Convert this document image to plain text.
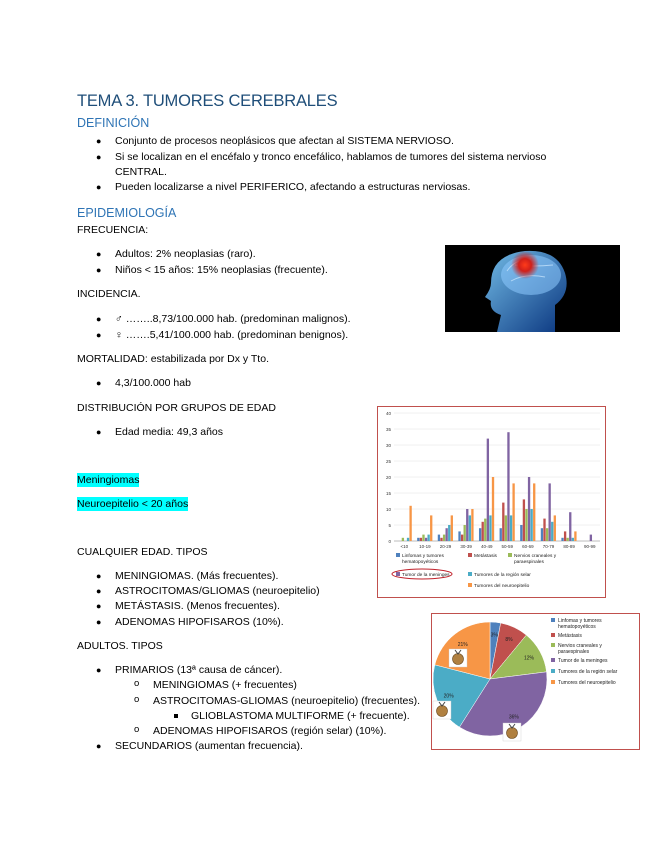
TEMA 3. TUMORES CEREBRALES
DEFINICIÓN
● Conjunto de procesos neoplásicos que afectan al SISTEMA NERVIOSO.
● Si se localizan en el encéfalo y tronco encefálico, hablamos de tumores del sistema nervioso
CENTRAL.
● Pueden localizarse a nivel PERIFERICO, afectando a estructuras nerviosas.
EPIDEMIOLOGÍA
FRECUENCIA:
● Adultos: 2% neoplasias (raro).
● Niños < 15 años: 15% neoplasias (frecuente).
INCIDENCIA.
● ♂ ……..8,73/100.000 hab. (predominan malignos).
● ♀ …….5,41/100.000 hab. (predominan benignos).
MORTALIDAD: estabilizada por Dx y Tto.
● 4,3/100.000 hab
DISTRIBUCIÓN POR GRUPOS DE EDAD
● Edad media: 49,3 años
Meningiomas
Neuroepitelio < 20 años
CUALQUIER EDAD. TIPOS
● MENINGIOMAS. (Más frecuentes).
● ASTROCITOMAS/GLIOMAS (neuroepitelio)
● METÁSTASIS. (Menos frecuentes).
● ADENOMAS HIPOFISAROS (10%).
ADULTOS. TIPOS
● PRIMARIOS (13ª causa de cáncer).
o MENINGIOMAS (+ frecuentes)
o ASTROCITOMAS-GLIOMAS (neuroepitelio) (frecuentes).
GLIOBLASTOMA MULTIFORME (+ frecuente).
o ADENOMAS HIPOFISAROS (región selar) (10%).
● SECUNDARIOS (aumentan frecuencia).
0
5
10
15
20
25
30
35
40
<10 10-19 20-29 30-39 40-49 50-59 60-69 70-79 80-89 90-99
Linfomas y tumores hematopoyéticos
Metástasis	Nervios craneales y paraespinales
Tumor de la meninges	Tumores de la región selar
Tumores del neuroepitelio
3%
8%
12%
36%
20%
21%
Linfomas y tumores hematopoyéticos
Metástasis
Nervios craneales y paraespinales
Tumor de la meninges
Tumores de la región selar
Tumores del neuroepitelio
